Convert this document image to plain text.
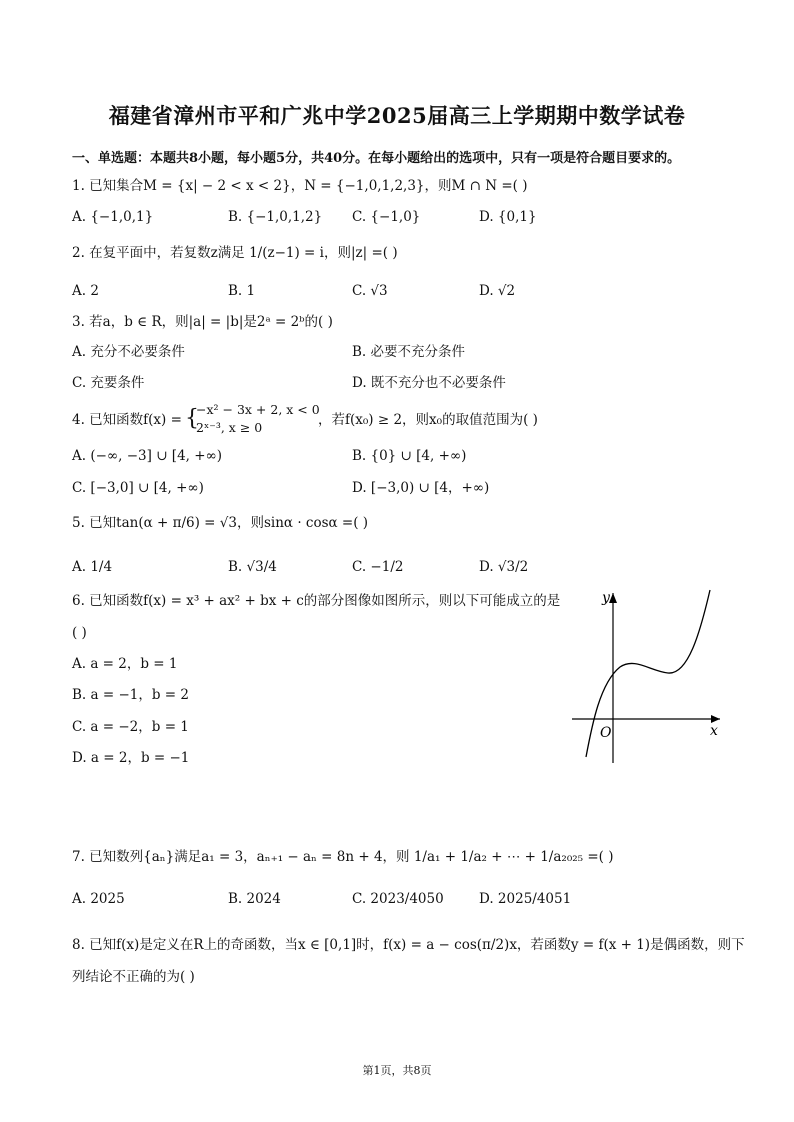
福建省漳州市平和广兆中学2025届高三上学期期中数学试卷
一、单选题：本题共8小题，每小题5分，共40分。在每小题给出的选项中，只有一项是符合题目要求的。
1. 已知集合M = {x| − 2 < x < 2}，N = {−1,0,1,2,3}，则M ∩ N =( )
A. {−1,0,1}	B. {−1,0,1,2} C. {−1,0}	D. {0,1}
2. 在复平面中，若复数z满足 1/(z−1) = i，则|z| =( )
A. 2	B. 1	C. √3	D. √2
3. 若a，b ∈ R，则|a| = |b|是2ᵃ = 2ᵇ的( )
A. 充分不必要条件	B. 必要不充分条件
C. 充要条件	D. 既不充分也不必要条件
4. 已知函数f(x) = {
−x² − 3x + 2, x < 0
2ˣ⁻³, x ≥ 0	，若f(x₀) ≥ 2，则x₀的取值范围为( )
A. (−∞, −3] ∪ [4, +∞)	B. {0} ∪ [4, +∞)
C. [−3,0] ∪ [4, +∞)	D. [−3,0) ∪ [4，+∞)
5. 已知tan(α + π/6) = √3，则sinα · cosα =( )
A. 1/4	B. √3/4	C. −1/2	D. √3/2
6. 已知函数f(x) = x³ + ax² + bx + c的部分图像如图所示，则以下可能成立的是
( )
A. a = 2，b = 1
B. a = −1，b = 2
C. a = −2，b = 1
D. a = 2，b = −1
y
x
O
7. 已知数列{aₙ}满足a₁ = 3，aₙ₊₁ − aₙ = 8n + 4，则 1/a₁ + 1/a₂ + ⋯ + 1/a₂₀₂₅ =( )
A. 2025	B. 2024	C. 2023/4050	D. 2025/4051
8. 已知f(x)是定义在R上的奇函数，当x ∈ [0,1]时，f(x) = a − cos(π/2)x，若函数y = f(x + 1)是偶函数，则下
列结论不正确的为( )
第1页，共8页
